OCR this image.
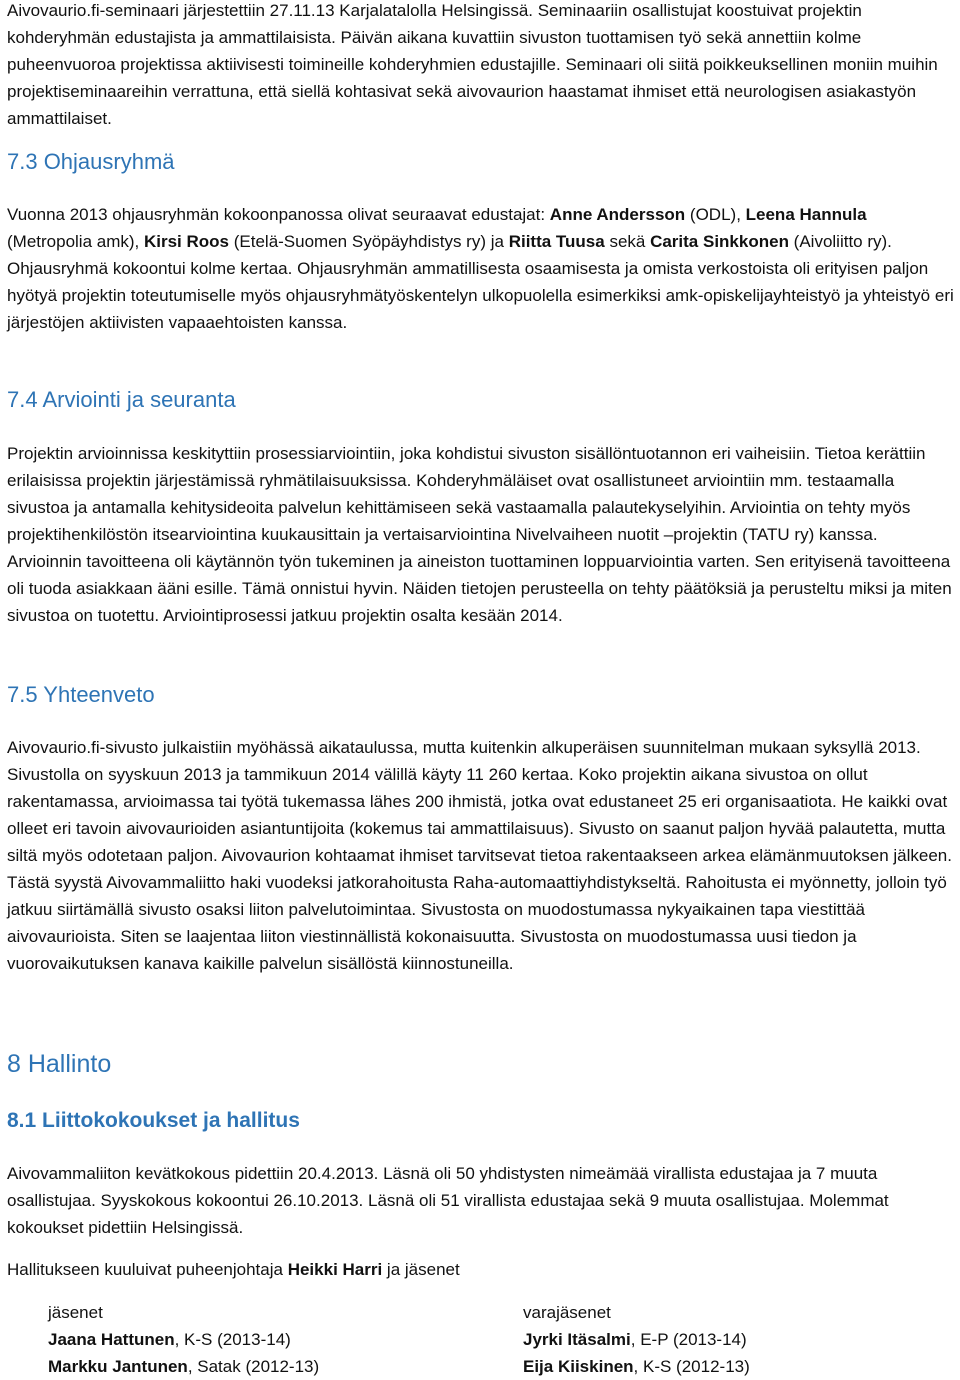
Aivovaurio.fi-seminaari järjestettiin 27.11.13 Karjalatalolla Helsingissä. Seminaariin osallistujat koostuivat projektin kohderyhmän edustajista ja ammattilaisista. Päivän aikana kuvattiin sivuston tuottamisen työ sekä annettiin kolme puheenvuoroa projektissa aktiivisesti toimineille kohderyhmien edustajille. Seminaari oli siitä poikkeuksellinen moniin muihin projektiseminaareihin verrattuna, että siellä kohtasivat sekä aivovaurion haastamat ihmiset että neurologisen asiakastyön ammattilaiset.

7.3 Ohjausryhmä

Vuonna 2013 ohjausryhmän kokoonpanossa olivat seuraavat edustajat: Anne Andersson (ODL), Leena Hannula (Metropolia amk), Kirsi Roos (Etelä-Suomen Syöpäyhdistys ry) ja Riitta Tuusa sekä Carita Sinkkonen (Aivoliitto ry). Ohjausryhmä kokoontui kolme kertaa. Ohjausryhmän ammatillisesta osaamisesta ja omista verkostoista oli erityisen paljon hyötyä projektin toteutumiselle myös ohjausryhmätyöskentelyn ulkopuolella esimerkiksi amk-opiskelijayhteistyö ja yhteistyö eri järjestöjen aktiivisten vapaaehtoisten kanssa.

7.4 Arviointi ja seuranta

Projektin arvioinnissa keskityttiin prosessiarviointiin, joka kohdistui sivuston sisällöntuotannon eri vaiheisiin. Tietoa kerättiin erilaisissa projektin järjestämissä ryhmätilaisuuksissa. Kohderyhmäläiset ovat osallistuneet arviointiin mm. testaamalla sivustoa ja antamalla kehitysideoita palvelun kehittämiseen sekä vastaamalla palautekyselyihin. Arviointia on tehty myös projektihenkilöstön itsearviointina kuukausittain ja vertaisarviointina Nivelvaiheen nuotit –projektin (TATU ry) kanssa. Arvioinnin tavoitteena oli käytännön työn tukeminen ja aineiston tuottaminen loppuarviointia varten. Sen erityisenä tavoitteena oli tuoda asiakkaan ääni esille. Tämä onnistui hyvin. Näiden tietojen perusteella on tehty päätöksiä ja perusteltu miksi ja miten sivustoa on tuotettu. Arviointiprosessi jatkuu projektin osalta kesään 2014.

7.5 Yhteenveto

Aivovaurio.fi-sivusto julkaistiin myöhässä aikataulussa, mutta kuitenkin alkuperäisen suunnitelman mukaan syksyllä 2013. Sivustolla on syyskuun 2013 ja tammikuun 2014 välillä käyty 11 260 kertaa. Koko projektin aikana sivustoa on ollut rakentamassa, arvioimassa tai työtä tukemassa lähes 200 ihmistä, jotka ovat edustaneet 25 eri organisaatiota. He kaikki ovat olleet eri tavoin aivovaurioiden asiantuntijoita (kokemus tai ammattilaisuus). Sivusto on saanut paljon hyvää palautetta, mutta siltä myös odotetaan paljon. Aivovaurion kohtaamat ihmiset tarvitsevat tietoa rakentaakseen arkea elämänmuutoksen jälkeen. Tästä syystä Aivovammaliitto haki vuodeksi jatkorahoitusta Raha-automaattiyhdistykseltä. Rahoitusta ei myönnetty, jolloin työ jatkuu siirtämällä sivusto osaksi liiton palvelutoimintaa. Sivustosta on muodostumassa nykyaikainen tapa viestittää aivovaurioista. Siten se laajentaa liiton viestinnällistä kokonaisuutta. Sivustosta on muodostumassa uusi tiedon ja vuorovaikutuksen kanava kaikille palvelun sisällöstä kiinnostuneilla.

8 Hallinto
8.1 Liittokokoukset ja hallitus

Aivovammaliiton kevätkokous pidettiin 20.4.2013. Läsnä oli 50 yhdistysten nimeämää virallista edustajaa ja 7 muuta osallistujaa. Syyskokous kokoontui 26.10.2013. Läsnä oli 51 virallista edustajaa sekä 9 muuta osallistujaa. Molemmat kokoukset pidettiin Helsingissä.

Hallitukseen kuuluivat puheenjohtaja Heikki Harri ja jäsenet

jäsenet

Jaana Hattunen, K-S (2013-14)

Markku Jantunen, Satak (2012-13)

varajäsenet

Jyrki Itäsalmi, E-P (2013-14)

Eija Kiiskinen, K-S (2012-13)
